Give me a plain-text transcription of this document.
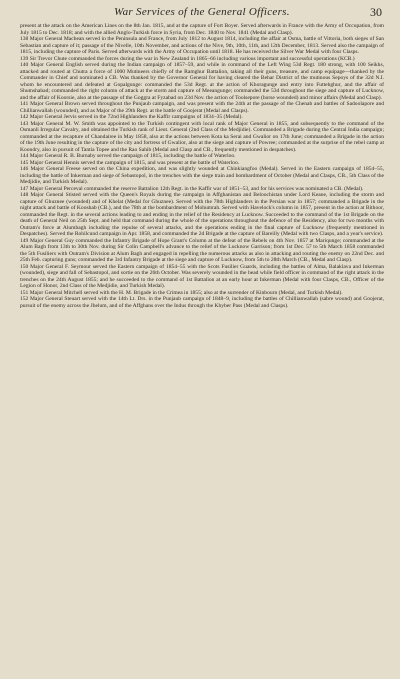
War Services of the General Officers.	30

present at the attack on the American Lines on the 8th Jan. 1815, and at the capture of Fort Boyer. Served afterwards in France with the Army of Occupation, from July 1815 to Dec. 1818; and with the allied Anglo-Turkish force in Syria, from Dec. 1840 to Nov. 1841 (Medal and Clasp).

138 Major General Macbean served in the Peninsula and France, from July 1812 to August 1814, including the affair at Osma, battle of Vittoria, both sieges of San Sebastian and capture of it; passage of the Nivelle, 10th November, and actions of the Nive, 9th, 10th, 11th, and 12th December, 1813. Served also the campaign of 1815, including the capture of Paris. Served afterwards with the Army of Occupation until 1818. He has received the Silver War Medal with four Clasps.

139 Sir Trevor Chute commanded the forces during the war in New Zealand in 1865–66 including various important and successful operations (KCB.)

140 Major General English served during the Indian campaign of 1857–59, and while in command of the Left Wing 53d Regt. 180 strong, with 100 Seikhs, attacked and routed at Chutra a force of 1000 Mutineers chiefly of the Ramghur Battalion, taking all their guns, treasure, and camp equipage—thanked by the Commander in Chief and nominated a CB. Was thanked by the Governor General for having cleared the Behar District of the mutinous Sepoys of the 32d N.I. whom he encountered and defeated at Gopalgunge: commanded the 53d Regt. at the action of Khoragunge and entry into Futtehghur, and the affair of Shumshabad; commanded the right column of attack at the storm and capture of Meeangunge; commanded the 53d throughout the siege and capture of Lucknow, and the affair of Koorsie, also at the passage of the Goggra at Fyzabad on 23d Nov. the action of Toolsepore (horse wounded) and minor affairs (Medal and Clasp).

141 Major General Brown served throughout the Punjaub campaign, and was present with the 24th at the passage of the Chenab and battles of Sadoolapore and Chillianwallah (wounded), and as Major of the 29th Regt. at the battle of Goojerat (Medal and Clasps).

142 Major General Jervis served in the 72nd Highlanders the Kaffir campaigns of 1834–35 (Medal).

143 Major General M. W. Smith was appointed to the Turkish contingent with local rank of Major General in 1855, and subsequently to the command of the Osmanli Irregular Cavalry, and obtained the Turkish rank of Lieut. General (2nd Class of the Medjidie). Commanded a Brigade during the Central India campaign; commanded at the recapture of Chandairee in May 1858, also at the actions between Kota ka Serai and Gwalior on 17th June; commanded a Brigade in the action of the 19th June resulting in the capture of the city and fortress of Gwalior, also at the siege and capture of Powree; commanded at the surprise of the rebel camp at Koondry, also in pursuit of Tantia Topee and the Rao Sahib (Medal and Clasp and CB., frequently mentioned in despatches).

144 Major General R. B. Burnaby served the campaign of 1815, including the battle of Waterloo.

145 Major General Hennis served the campaign of 1815, and was present at the battle of Waterloo.

146 Major General Freese served on the China expedition, and was slightly wounded at Chinkiangfoo (Medal). Served in the Eastern campaign of 1854–55, including the battle of Inkerman and siege of Sebastopol, in the trenches with the siege train and bombardment of October (Medal and Clasps, CB., 5th Class of the Medjidie, and Turkish Medal).

147 Major General Perceval commanded the reserve Battalion 12th Regt. in the Kaffir war of 1851–53, and for his services was nominated a CB. (Medal).

148 Major General Stisted served with the Queen's Royals during the campaign in Affghanistan and Beloochistan under Lord Keane, including the storm and capture of Ghuznee (wounded) and of Khelat (Medal for Ghuznee). Served with the 78th Highlanders in the Persian war in 1857; commanded a Brigade in the night attack and battle of Kooshab (CB.), and the 78th at the bombardment of Mohumrah. Served with Havelock's column in 1857, present in the action at Bithoor, commanded the Regt. in the several actions leading to and ending in the relief of the Residency at Lucknow. Succeeded to the command of the 1st Brigade on the death of General Neil on 25th Sept. and held that command during the whole of the operations throughout the defence of the Residency, also for two months with Outram's force at Alumbagh including the repulse of several attacks, and the operations ending in the final capture of Lucknow (frequently mentioned in Despatches). Served the Rohilcund campaign in Apr. 1858, and commanded the 2d Brigade at the capture of Bareilly (Medal with two Clasps, and a year's service).

149 Major General Guy commanded the Infantry Brigade of Hope Grant's Column at the defeat of the Rebels on 4th Nov. 1857 at Mariqunge; commanded at the Alum Bagh from 13th to 30th Nov. during Sir Colin Campbell's advance to the relief of the Lucknow Garrison; from 1st Dec. 57 to 5th March 1858 commanded the 5th Fusiliers with Outram's Division at Alum Bagh and engaged in repelling the numerous attacks as also in attacking and routing the enemy on 22nd Dec. and 25th Feb. capturing guns; commanded the 3rd Infantry Brigade at the siege and capture of Lucknow, from 5th to 28th March (CB., Medal and Clasp).

150 Major General F. Seymour served the Eastern campaign of 1854–55 with the Scots Fusilier Guards, including the battles of Alma, Balaklava and Inkerman (wounded), siege and fall of Sebastopol, and sortie on the 26th October. Was severely wounded in the head while field officer in command of the right attack in the trenches on the 24th August 1855; and he succeeded to the command of 1st Battalion at an early hour at Inkerman (Medal with four Clasps, CB., Officer of the Legion of Honor, 2nd Class of the Medjidie, and Turkish Medal).

151 Major General Mitchell served with the H. M. Brigade in the Crimea in 1855; also at the surrender of Kinbourn (Medal, and Turkish Medal).

152 Major General Steuart served with the 14th Lt. Drs. in the Punjaub campaign of 1848–9, including the battles of Chillianwallah (sabre wound) and Goojerat, pursuit of the enemy across the Jhelum, and of the Affghans over the Indus through the Khyber Pass (Medal and Clasps).
